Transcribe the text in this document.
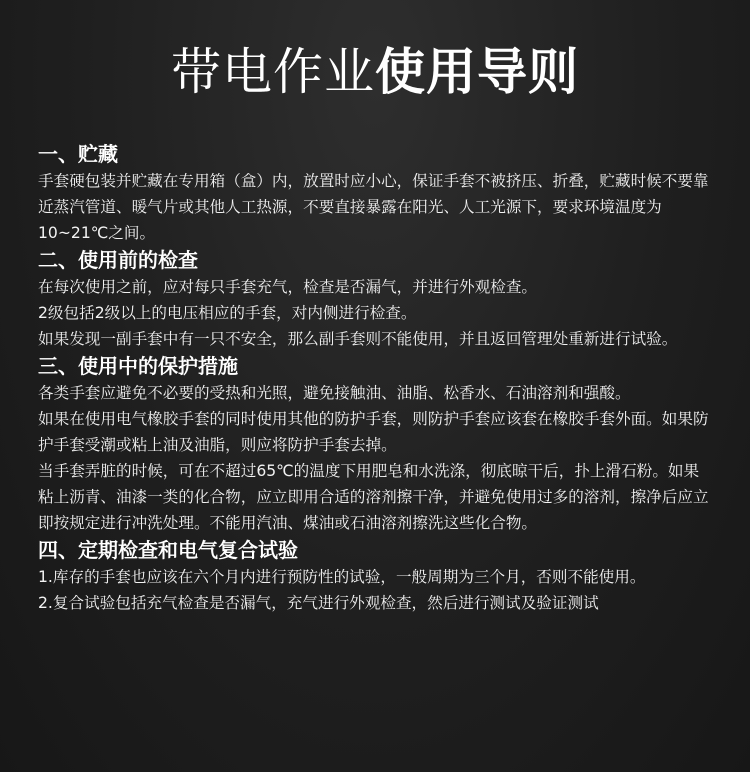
带电作业使用导则
一、贮藏

手套硬包装并贮藏在专用箱（盒）内，放置时应小心，保证手套不被挤压、折叠，贮藏时候不要靠近蒸汽管道、暖气片或其他人工热源，不要直接暴露在阳光、人工光源下，要求环境温度为10~21℃之间。

二、使用前的检查

在每次使用之前，应对每只手套充气，检查是否漏气，并进行外观检查。

2级包括2级以上的电压相应的手套，对内侧进行检查。

如果发现一副手套中有一只不安全，那么副手套则不能使用，并且返回管理处重新进行试验。

三、使用中的保护措施

各类手套应避免不必要的受热和光照，避免接触油、油脂、松香水、石油溶剂和强酸。

如果在使用电气橡胶手套的同时使用其他的防护手套，则防护手套应该套在橡胶手套外面。如果防护手套受潮或粘上油及油脂，则应将防护手套去掉。

当手套弄脏的时候，可在不超过65℃的温度下用肥皂和水洗涤，彻底晾干后，扑上滑石粉。如果粘上沥青、油漆一类的化合物，应立即用合适的溶剂擦干净，并避免使用过多的溶剂，擦净后应立即按规定进行冲洗处理。不能用汽油、煤油或石油溶剂擦洗这些化合物。

四、定期检查和电气复合试验

1.库存的手套也应该在六个月内进行预防性的试验，一般周期为三个月，否则不能使用。

2.复合试验包括充气检查是否漏气，充气进行外观检查，然后进行测试及验证测试
